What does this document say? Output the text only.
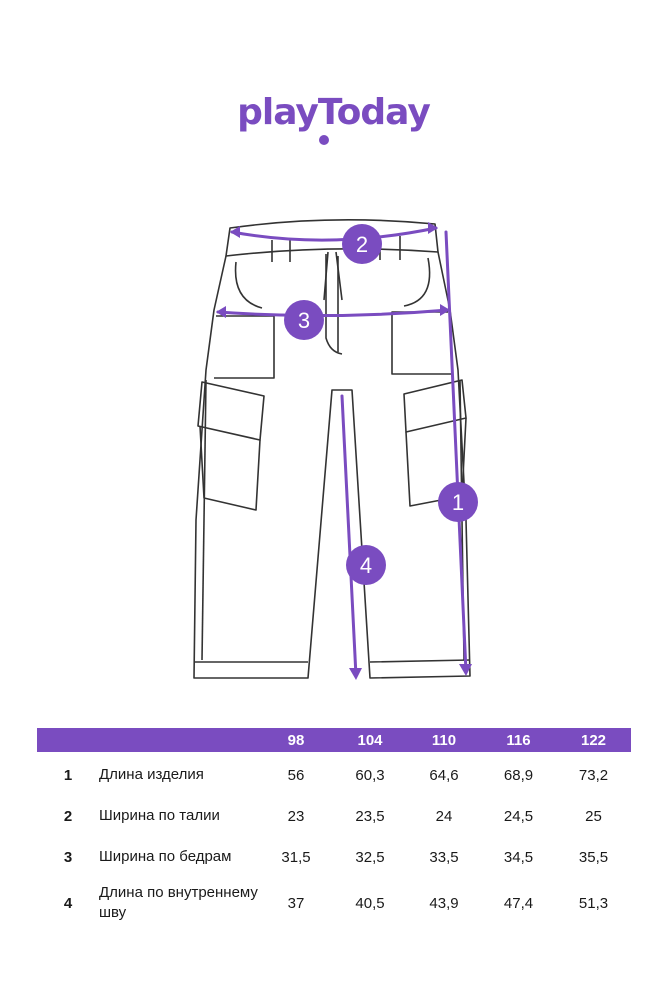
playToday
2
3
1
4
		98	104	110	116	122
1	Длина изделия	56	60,3	64,6	68,9	73,2
2	Ширина по талии	23	23,5	24	24,5	25
3	Ширина по бедрам	31,5	32,5	33,5	34,5	35,5
4	Длина по внутреннему шву	37	40,5	43,9	47,4	51,3
